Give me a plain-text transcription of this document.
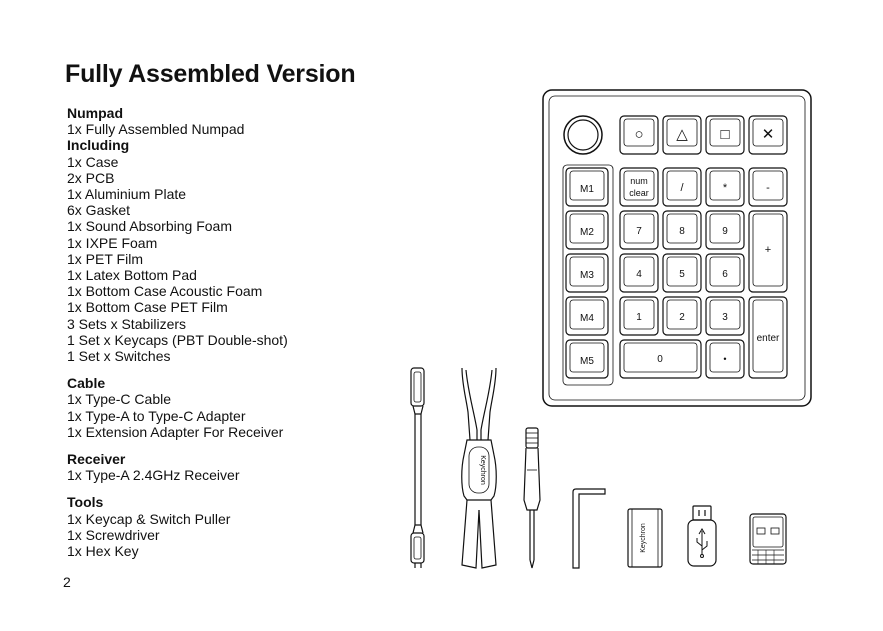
Fully Assembled Version
Numpad
1x Fully Assembled Numpad
Including
1x Case
2x PCB
1x Aluminium Plate
6x Gasket
1x Sound Absorbing Foam
1x IXPE Foam
1x PET Film
1x Latex Bottom Pad
1x Bottom Case Acoustic Foam
1x Bottom Case PET Film
3 Sets x Stabilizers
1 Set x Keycaps (PBT Double-shot)
1 Set x Switches
Cable
1x Type-C Cable
1x Type-A to Type-C Adapter
1x Extension Adapter For Receiver
Receiver
1x Type-A 2.4GHz Receiver
Tools
1x Keycap & Switch Puller
1x Screwdriver
1x Hex Key
2
○ △ □ ✕
M1
M2
M3
M4
M5
num
clear	/	*	-
7	8	9
+
4	5	6
1	2	3
enter
0	•
Keychron
Keychron
